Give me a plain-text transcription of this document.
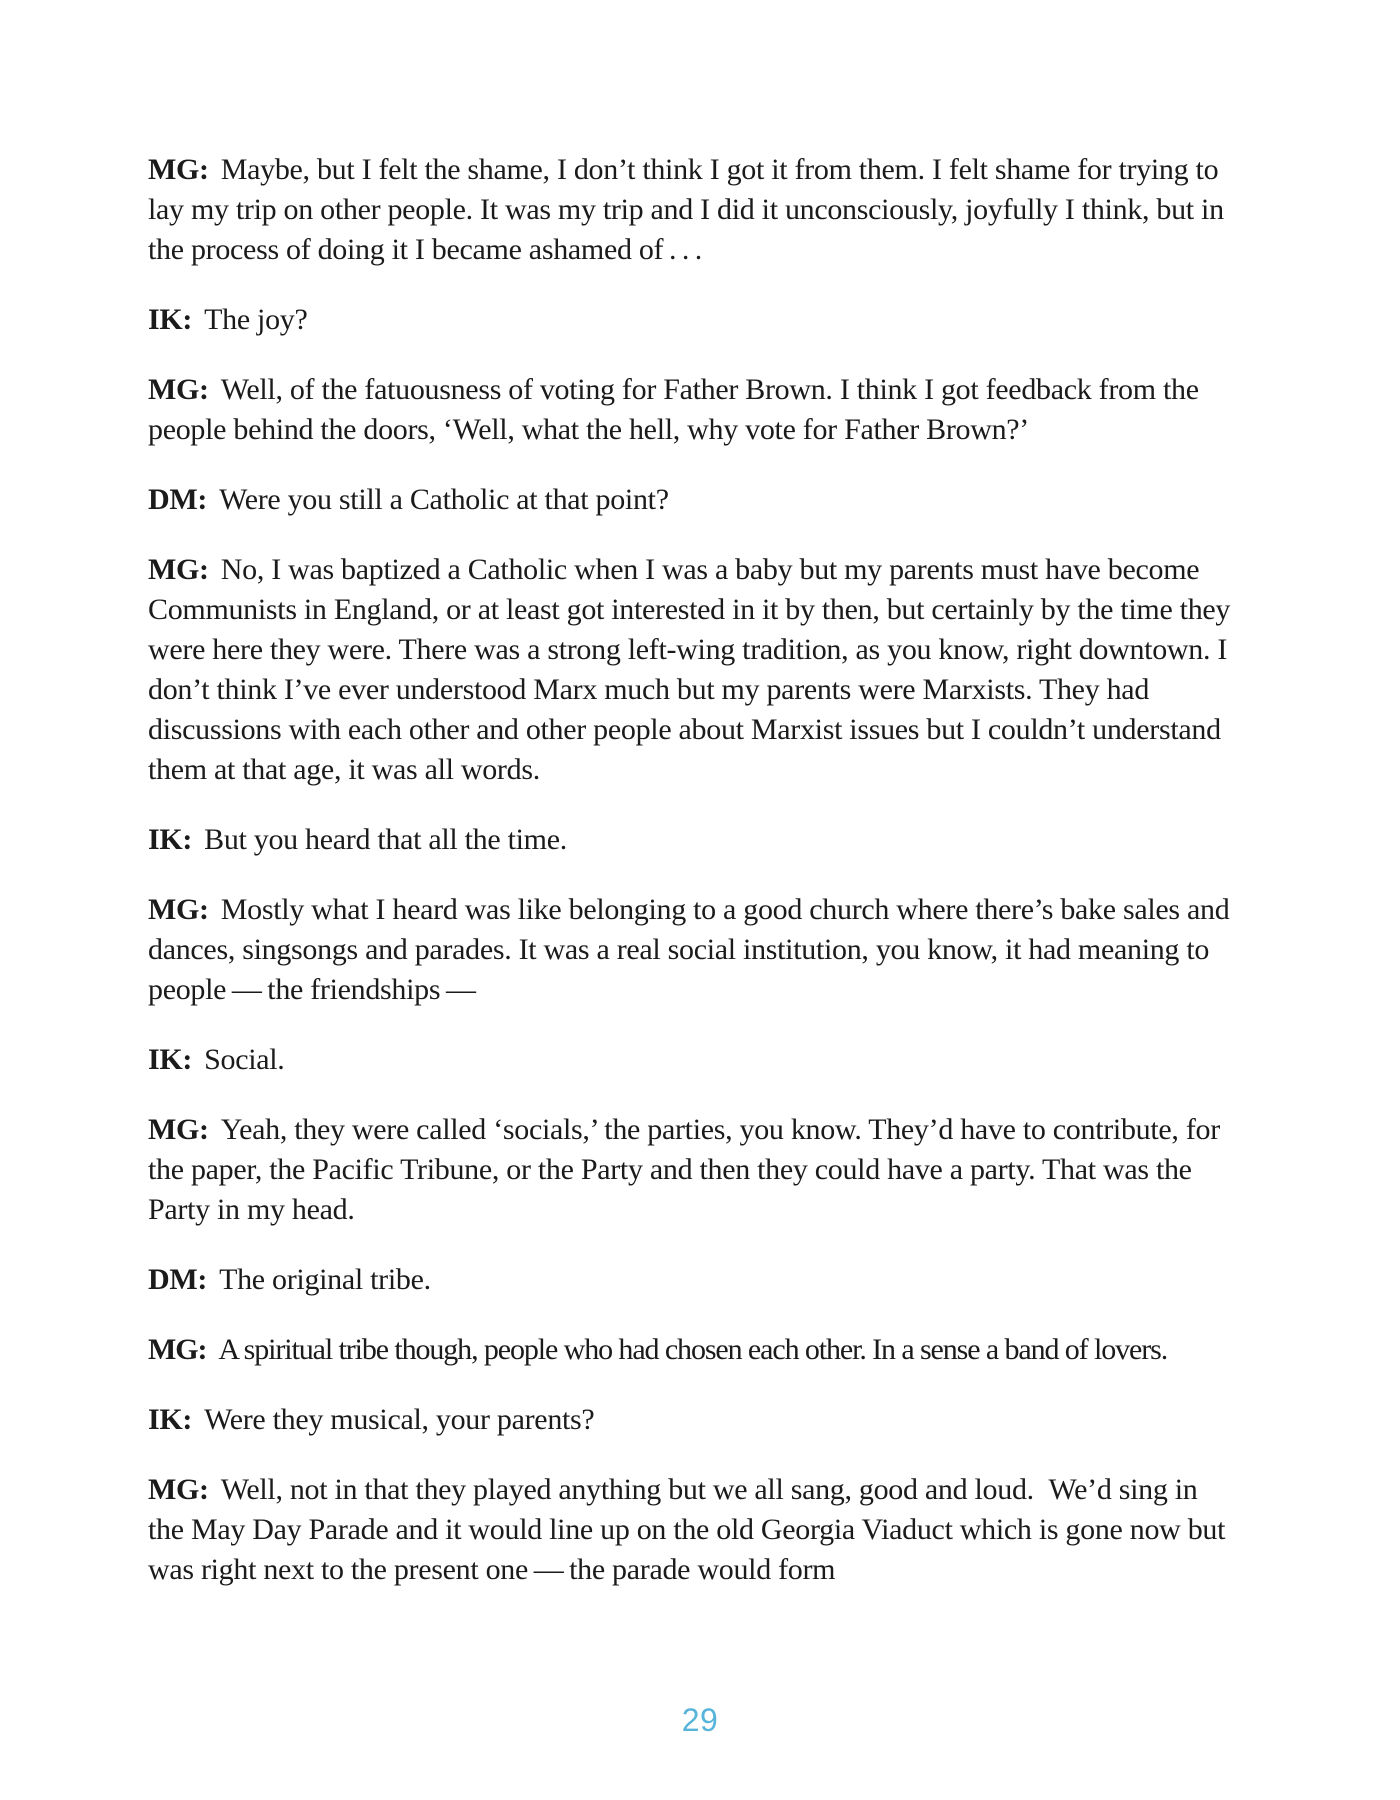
MG: Maybe, but I felt the shame, I don’t think I got it from them. I felt shame for trying to lay my trip on other people. It was my trip and I did it unconsciously, joyfully I think, but in the process of doing it I became ashamed of . . .

IK: The joy?

MG: Well, of the fatuousness of voting for Father Brown. I think I got feedback from the people behind the doors, ‘Well, what the hell, why vote for Father Brown?’

DM: Were you still a Catholic at that point?

MG: No, I was baptized a Catholic when I was a baby but my parents must have become Communists in England, or at least got interested in it by then, but certainly by the time they were here they were. There was a strong left-wing tradition, as you know, right downtown. I don’t think I’ve ever understood Marx much but my parents were Marxists. They had discussions with each other and other people about Marxist issues but I couldn’t understand them at that age, it was all words.

IK: But you heard that all the time.

MG: Mostly what I heard was like belonging to a good church where there’s bake sales and dances, singsongs and parades. It was a real social institution, you know, it had meaning to people — the friendships —

IK: Social.

MG: Yeah, they were called ‘socials,’ the parties, you know. They’d have to contribute, for the paper, the Pacific Tribune, or the Party and then they could have a party. That was the Party in my head.

DM: The original tribe.

MG: A spiritual tribe though, people who had chosen each other. In a sense a band of lovers.

IK: Were they musical, your parents?

MG: Well, not in that they played anything but we all sang, good and loud. We’d sing in the May Day Parade and it would line up on the old Georgia Viaduct which is gone now but was right next to the present one — the parade would form

29
